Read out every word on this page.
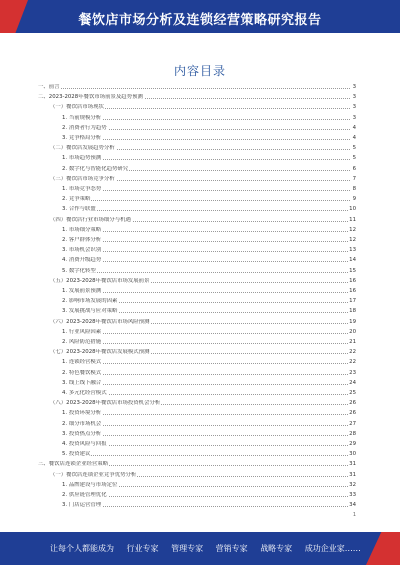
餐饮店市场分析及连锁经营策略研究报告
内容目录
一、前言	3
二、2023-2028年餐饮市场前景及趋势预测	3
（一）餐饮店市场现状	3
1. 当前规模分析	3
2. 消费者行为趋势	4
3. 竞争格局分析	4
（二）餐饮店发展趋势分析	5
1. 市场趋势预测	5
2. 数字化与智能化趋势研究	6
（三）餐饮店市场竞争分析	7
1. 市场竞争态势	8
2. 竞争策略	9
3. 合作与联盟	10
（四）餐饮店行业市场细分与机遇	11
1. 市场细分策略	12
2. 客户群体分析	12
3. 市场机会识别	13
4. 消费升级趋势	14
5. 数字化转型	15
（五）2023-2028年餐饮店市场发展前景	16
1. 发展前景预测	16
2. 影响市场发展的因素	17
3. 发展挑战与应对策略	18
（六）2023-2028年餐饮店市场风险预测	19
1. 行业风险因素	20
2. 风险防范措施	21
（七）2023-2028年餐饮店发展模式预测	22
1. 连锁经营模式	22
2. 特色餐饮模式	23
3. 线上线下融合	24
4. 多元化经营模式	25
（八）2023-2028年餐饮店市场投资机会分析	26
1. 投资环境分析	26
2. 细分市场机会	27
3. 投资热点分析	28
4. 投资风险与回报	29
5. 投资建议	30
三、餐饮店连锁企业经营策略	31
（一）餐饮店连锁企业竞争优势分析	31
1. 品牌建设与市场定位	32
2. 供应链管理优化	33
3. 门店运营管理	34
1
让每个人都能成为 行业专家 管理专家 营销专家 战略专家 成功企业家……
